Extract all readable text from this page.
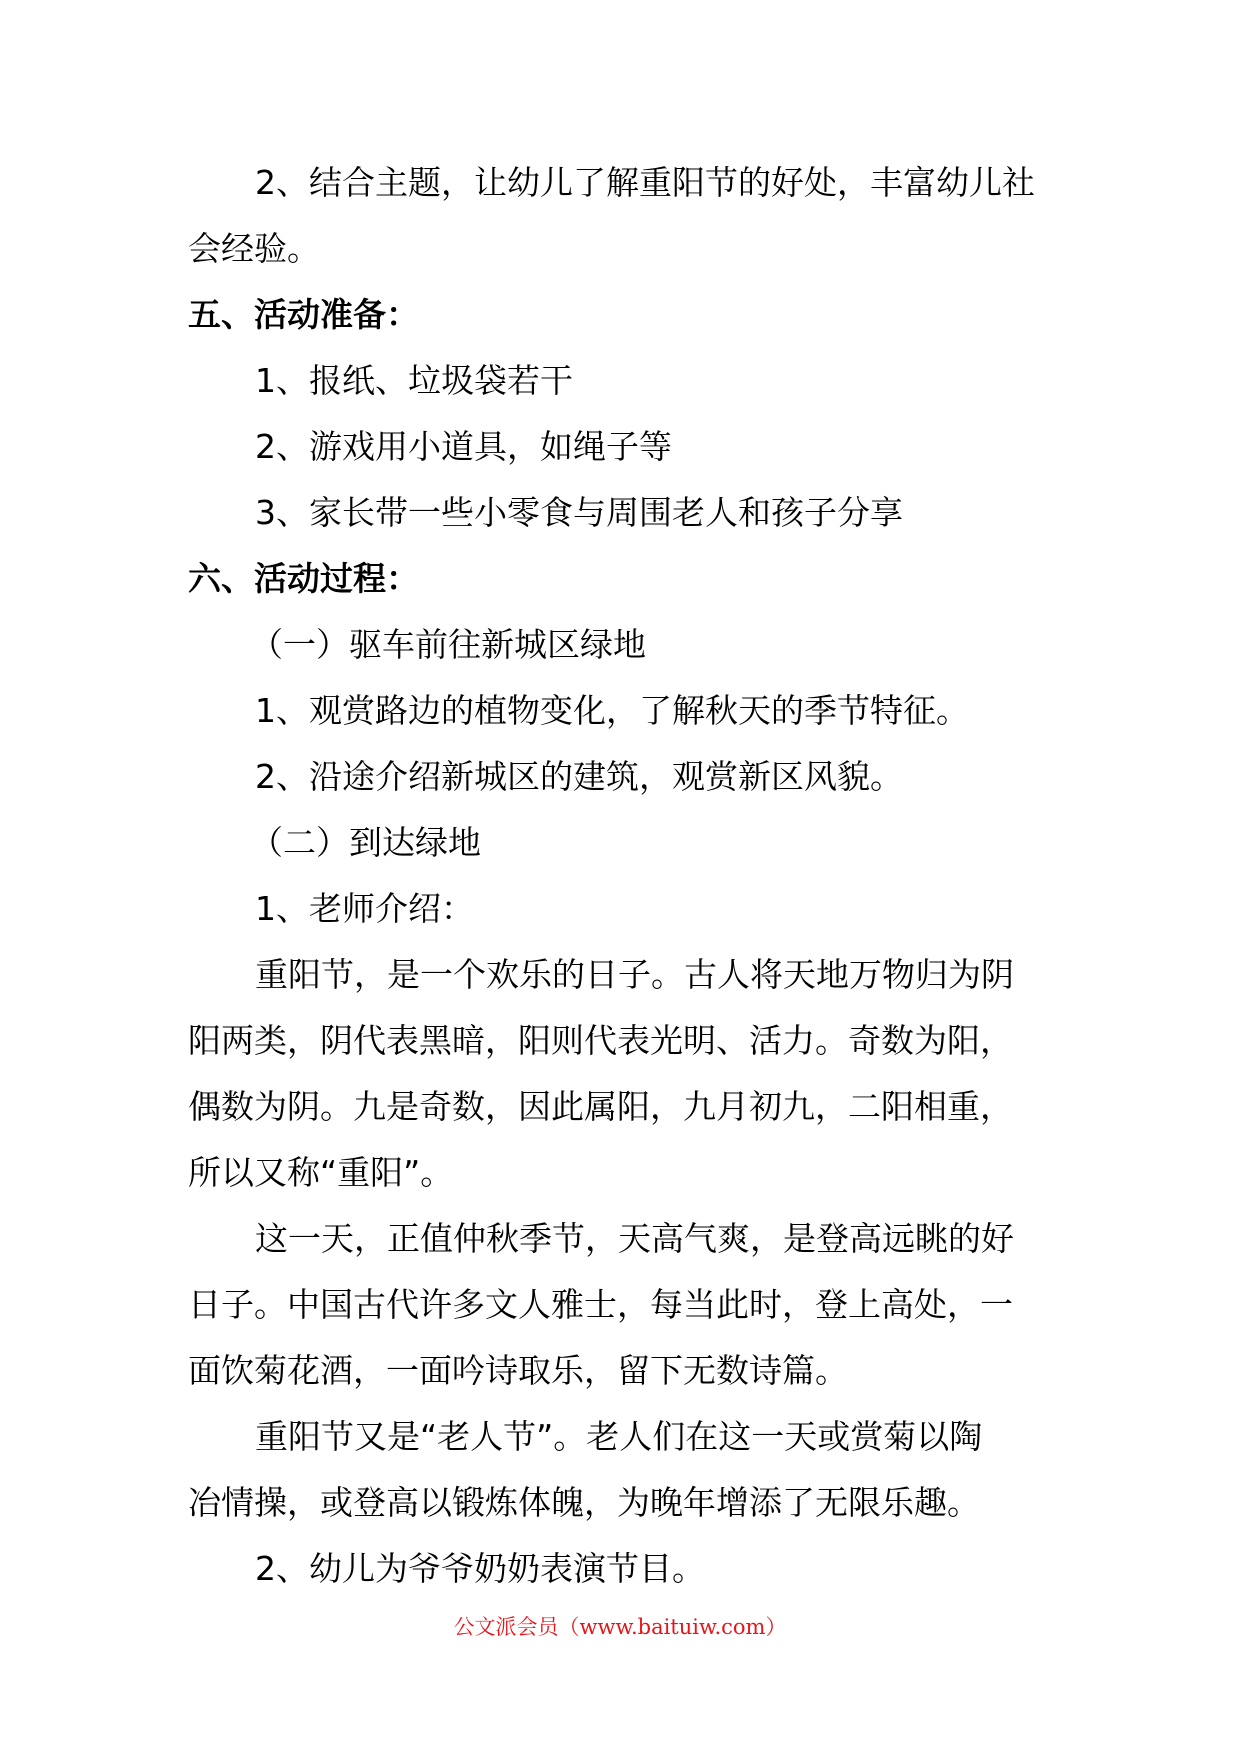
2、结合主题，让幼儿了解重阳节的好处，丰富幼儿社

会经验。

五、活动准备：

1、报纸、垃圾袋若干

2、游戏用小道具，如绳子等

3、家长带一些小零食与周围老人和孩子分享

六、活动过程：

（一）驱车前往新城区绿地

1、观赏路边的植物变化，了解秋天的季节特征。

2、沿途介绍新城区的建筑，观赏新区风貌。

（二）到达绿地

1、老师介绍：

重阳节，是一个欢乐的日子。古人将天地万物归为阴

阳两类，阴代表黑暗，阳则代表光明、活力。奇数为阳，

偶数为阴。九是奇数，因此属阳，九月初九，二阳相重，

所以又称“重阳”。

这一天，正值仲秋季节，天高气爽，是登高远眺的好

日子。中国古代许多文人雅士，每当此时，登上高处，一

面饮菊花酒，一面吟诗取乐，留下无数诗篇。

重阳节又是“老人节”。老人们在这一天或赏菊以陶

冶情操，或登高以锻炼体魄，为晚年增添了无限乐趣。

2、幼儿为爷爷奶奶表演节目。

公文派会员（www.baituiw.com）
